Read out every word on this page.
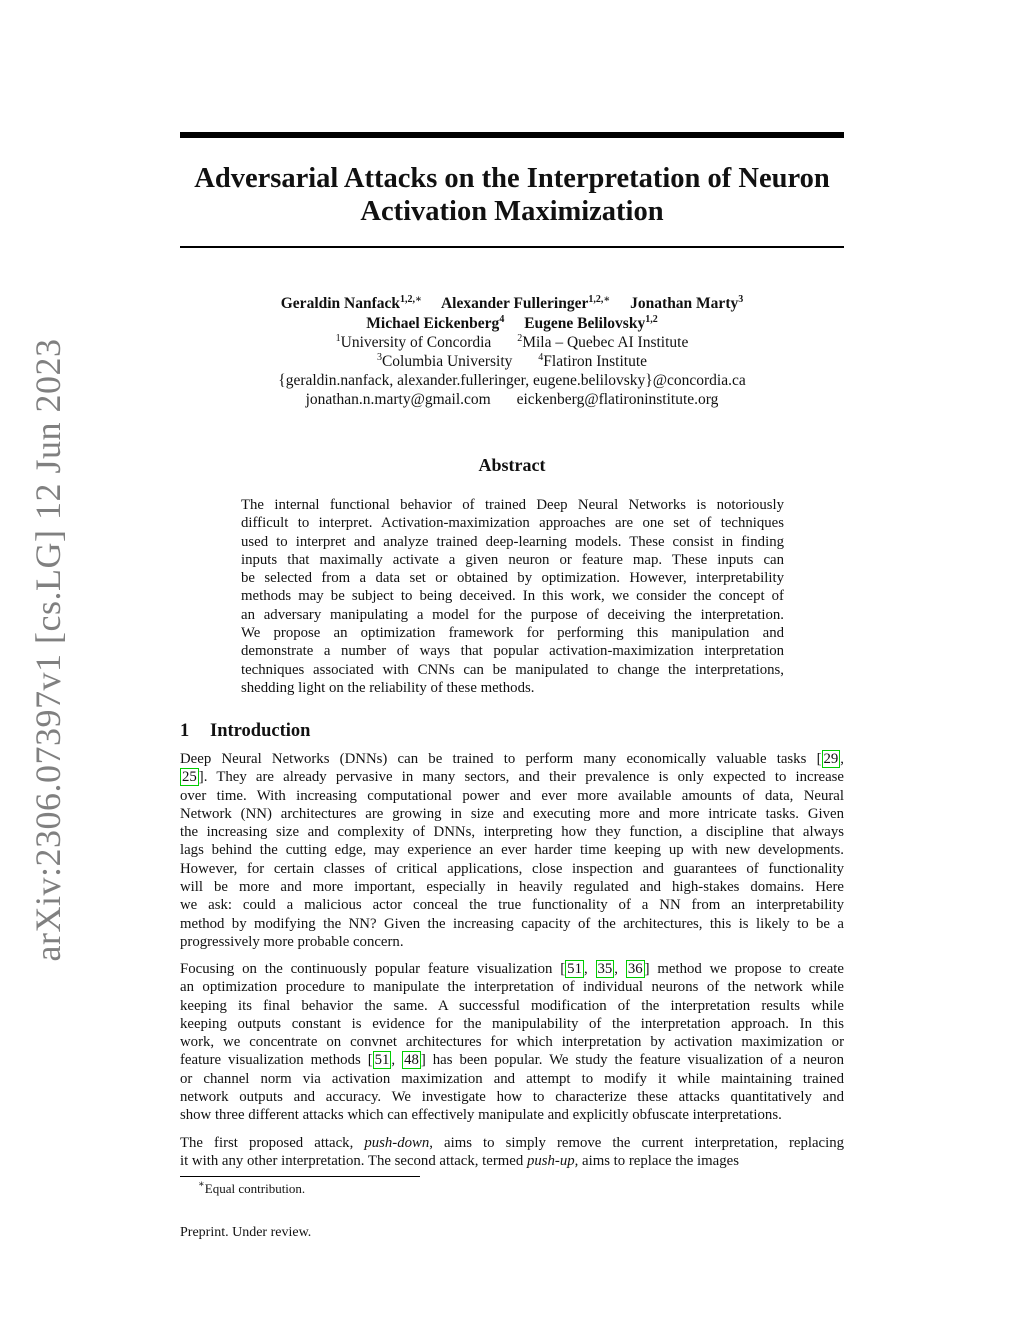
arXiv:2306.07397v1 [cs.LG] 12 Jun 2023
Adversarial Attacks on the Interpretation of Neuron
Activation Maximization
Geraldin Nanfack$^{1,2,∗}$ Alexander Fulleringer$^{1,2,∗}$ Jonathan Marty$^3$
Michael Eickenberg$^4$ Eugene Belilovsky$^{1,2}$
$^1$University of Concordia	$^2$Mila – Quebec AI Institute
$^3$Columbia University	$^4$Flatiron Institute
{geraldin.nanfack, alexander.fulleringer, eugene.belilovsky}@concordia.ca
jonathan.n.marty@gmail.com eickenberg@flatironinstitute.org
Abstract
The internal functional behavior of trained Deep Neural Networks is notoriously
difficult to interpret. Activation-maximization approaches are one set of techniques
used to interpret and analyze trained deep-learning models. These consist in finding
inputs that maximally activate a given neuron or feature map. These inputs can
be selected from a data set or obtained by optimization. However, interpretability
methods may be subject to being deceived. In this work, we consider the concept of
an adversary manipulating a model for the purpose of deceiving the interpretation.
We propose an optimization framework for performing this manipulation and
demonstrate a number of ways that popular activation-maximization interpretation
techniques associated with CNNs can be manipulated to change the interpretations,
shedding light on the reliability of these methods.
1 Introduction
Deep Neural Networks (DNNs) can be trained to perform many economically valuable tasks [ 29 ,
25 ]. They are already pervasive in many sectors, and their prevalence is only expected to increase
over time. With increasing computational power and ever more available amounts of data, Neural
Network (NN) architectures are growing in size and executing more and more intricate tasks. Given
the increasing size and complexity of DNNs, interpreting how they function, a discipline that always
lags behind the cutting edge, may experience an ever harder time keeping up with new developments.
However, for certain classes of critical applications, close inspection and guarantees of functionality
will be more and more important, especially in heavily regulated and high-stakes domains. Here
we ask: could a malicious actor conceal the true functionality of a NN from an interpretability
method by modifying the NN? Given the increasing capacity of the architectures, this is likely to be a
progressively more probable concern.
Focusing on the continuously popular feature visualization [ 51 , 35 , 36 ] method we propose to create
an optimization procedure to manipulate the interpretation of individual neurons of the network while
keeping its final behavior the same. A successful modification of the interpretation results while
keeping outputs constant is evidence for the manipulability of the interpretation approach. In this
work, we concentrate on convnet architectures for which interpretation by activation maximization or
feature visualization methods [ 51 , 48 ] has been popular. We study the feature visualization of a neuron
or channel norm via activation maximization and attempt to modify it while maintaining trained
network outputs and accuracy. We investigate how to characterize these attacks quantitatively and
show three different attacks which can effectively manipulate and explicitly obfuscate interpretations.
The first proposed attack, push-down, aims to simply remove the current interpretation, replacing
it with any other interpretation. The second attack, termed push-up, aims to replace the images
∗Equal contribution.
Preprint. Under review.
